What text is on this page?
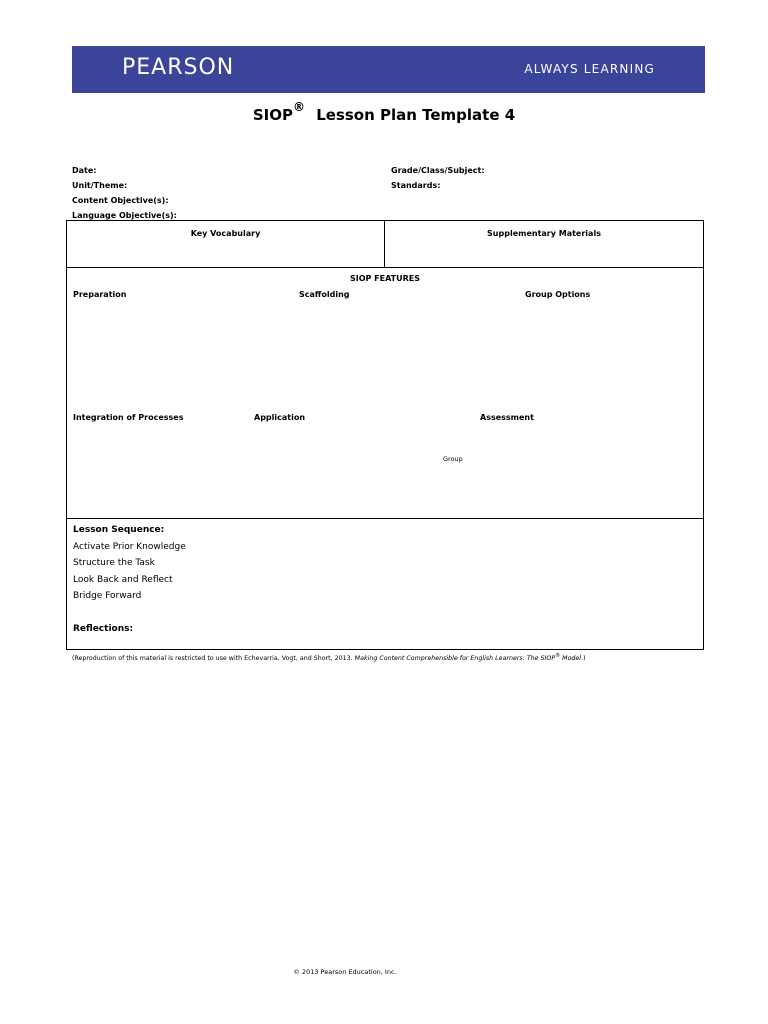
PEARSON	ALWAYS LEARNING
SIOP® Lesson Plan Template 4
Date:
Unit/Theme:
Content Objective(s):
Language Objective(s):
Grade/Class/Subject:
Standards:
Key Vocabulary	Supplementary Materials
SIOP FEATURES
Preparation	Scaffolding	Group Options
Integration of Processes	Application	Assessment
Group
Lesson Sequence:
Activate Prior Knowledge
Structure the Task
Look Back and Reflect
Bridge Forward
Reflections:
(Reproduction of this material is restricted to use with Echevarria, Vogt, and Short, 2013. Making Content Comprehensible for English Learners: The SIOP® Model.)
© 2013 Pearson Education, Inc.
